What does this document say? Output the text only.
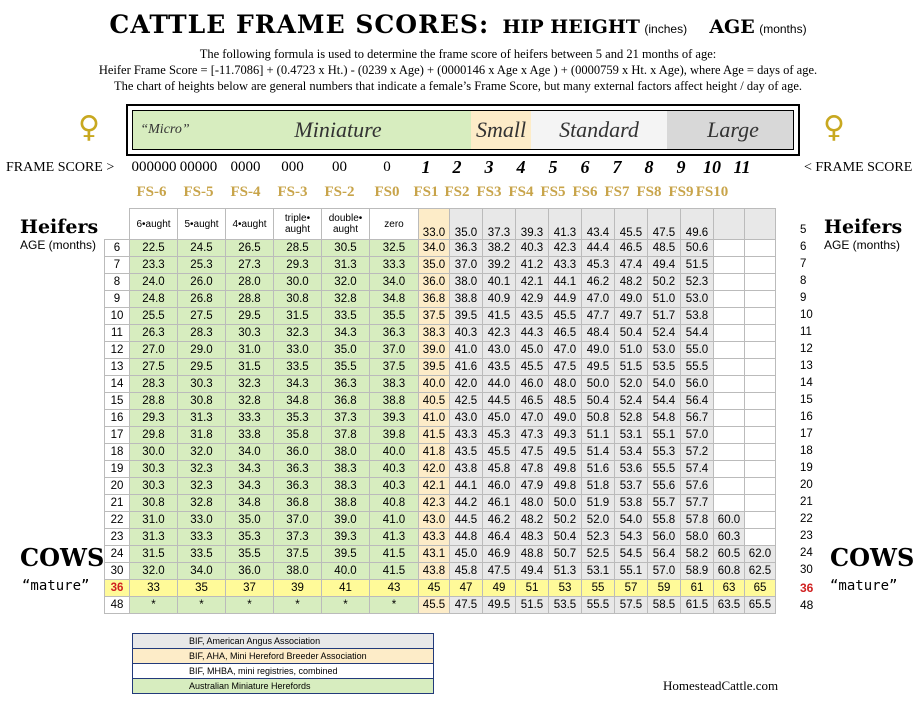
CATTLE FRAME SCORES: HIP HEIGHT (inches) AGE (months)
The following formula is used to determine the frame score of heifers between 5 and 21 months of age:
Heifer Frame Score = [-11.7086] + (0.4723 x Ht.) - (0239 x Age) + (0000146 x Age x Age ) + (0000759 x Ht. x Age), where Age = days of age.
The chart of heights below are general numbers that indicate a female’s Frame Score, but many external factors affect height / day of age.
♀	♀
“Micro”	Miniature	Small Standard	Large
FRAME SCORE >	< FRAME SCORE
000000 00000 0000	000	00	0	1	2	3	4	5	6	7	8	9 10 11
FS-6	FS-5	FS-4	FS-3	FS-2	FS0 FS1 FS2 FS3 FS4 FS5 FS6 FS7 FS8 FS9 FS10
Heifers
AGE (months)
Heifers
AGE (months)
COWS	COWS
“mature”	“mature”
	6•aught	5•aught	4•aught	triple• aught	double• aught	zero	33.0	35.0	37.3	39.3	41.3	43.4	45.5	47.5	49.6		
6	22.5	24.5	26.5	28.5	30.5	32.5	34.0	36.3	38.2	40.3	42.3	44.4	46.5	48.5	50.6		
7	23.3	25.3	27.3	29.3	31.3	33.3	35.0	37.0	39.2	41.2	43.3	45.3	47.4	49.4	51.5		
8	24.0	26.0	28.0	30.0	32.0	34.0	36.0	38.0	40.1	42.1	44.1	46.2	48.2	50.2	52.3		
9	24.8	26.8	28.8	30.8	32.8	34.8	36.8	38.8	40.9	42.9	44.9	47.0	49.0	51.0	53.0		
10	25.5	27.5	29.5	31.5	33.5	35.5	37.5	39.5	41.5	43.5	45.5	47.7	49.7	51.7	53.8		
11	26.3	28.3	30.3	32.3	34.3	36.3	38.3	40.3	42.3	44.3	46.5	48.4	50.4	52.4	54.4		
12	27.0	29.0	31.0	33.0	35.0	37.0	39.0	41.0	43.0	45.0	47.0	49.0	51.0	53.0	55.0		
13	27.5	29.5	31.5	33.5	35.5	37.5	39.5	41.6	43.5	45.5	47.5	49.5	51.5	53.5	55.5		
14	28.3	30.3	32.3	34.3	36.3	38.3	40.0	42.0	44.0	46.0	48.0	50.0	52.0	54.0	56.0		
15	28.8	30.8	32.8	34.8	36.8	38.8	40.5	42.5	44.5	46.5	48.5	50.4	52.4	54.4	56.4		
16	29.3	31.3	33.3	35.3	37.3	39.3	41.0	43.0	45.0	47.0	49.0	50.8	52.8	54.8	56.7		
17	29.8	31.8	33.8	35.8	37.8	39.8	41.5	43.3	45.3	47.3	49.3	51.1	53.1	55.1	57.0		
18	30.0	32.0	34.0	36.0	38.0	40.0	41.8	43.5	45.5	47.5	49.5	51.4	53.4	55.3	57.2		
19	30.3	32.3	34.3	36.3	38.3	40.3	42.0	43.8	45.8	47.8	49.8	51.6	53.6	55.5	57.4		
20	30.3	32.3	34.3	36.3	38.3	40.3	42.1	44.1	46.0	47.9	49.8	51.8	53.7	55.6	57.6		
21	30.8	32.8	34.8	36.8	38.8	40.8	42.3	44.2	46.1	48.0	50.0	51.9	53.8	55.7	57.7		
22	31.0	33.0	35.0	37.0	39.0	41.0	43.0	44.5	46.2	48.2	50.2	52.0	54.0	55.8	57.8	60.0	
23	31.3	33.3	35.3	37.3	39.3	41.3	43.3	44.8	46.4	48.3	50.4	52.3	54.3	56.0	58.0	60.3	
24	31.5	33.5	35.5	37.5	39.5	41.5	43.1	45.0	46.9	48.8	50.7	52.5	54.5	56.4	58.2	60.5	62.0
30	32.0	34.0	36.0	38.0	40.0	41.5	43.8	45.8	47.5	49.4	51.3	53.1	55.1	57.0	58.9	60.8	62.5
36	33	35	37	39	41	43	45	47	49	51	53	55	57	59	61	63	65
48	*	*	*	*	*	*	45.5	47.5	49.5	51.5	53.5	55.5	57.5	58.5	61.5	63.5	65.5
5
6
7
8
9
10
11
12
13
14
15
16
17
18
19
20
21
22
23
24
30
36
48
BIF, American Angus Association
BIF, AHA, Mini Hereford Breeder Association
BIF, MHBA, mini registries, combined
Australian Miniature Herefords	HomesteadCattle.com
